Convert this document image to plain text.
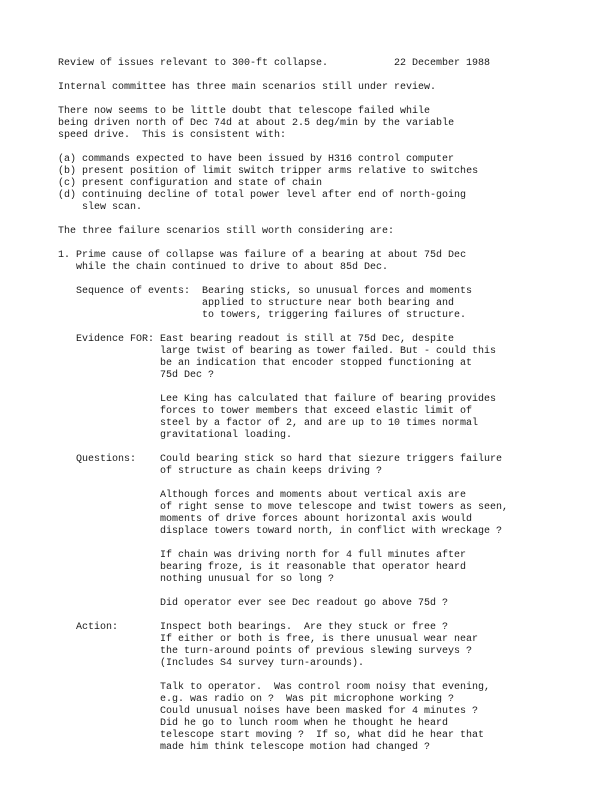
Review of issues relevant to 300-ft collapse.	22 December 1988
Internal committee has three main scenarios still under review.
There now seems to be little doubt that telescope failed while
being driven north of Dec 74d at about 2.5 deg/min by the variable
speed drive.  This is consistent with:
(a) commands expected to have been issued by H316 control computer
(b) present position of limit switch tripper arms relative to switches
(c) present configuration and state of chain
(d) continuing decline of total power level after end of north-going
slew scan.
The three failure scenarios still worth considering are:
1. Prime cause of collapse was failure of a bearing at about 75d Dec
while the chain continued to drive to about 85d Dec.
Sequence of events: Bearing sticks, so unusual forces and moments
applied to structure near both bearing and
to towers, triggering failures of structure.
Evidence FOR: East bearing readout is still at 75d Dec, despite
large twist of bearing as tower failed. But - could this
be an indication that encoder stopped functioning at
75d Dec ?
Lee King has calculated that failure of bearing provides
forces to tower members that exceed elastic limit of
steel by a factor of 2, and are up to 10 times normal
gravitational loading.
Questions: Could bearing stick so hard that siezure triggers failure
of structure as chain keeps driving ?
Although forces and moments about vertical axis are
of right sense to move telescope and twist towers as seen,
moments of drive forces abount horizontal axis would
displace towers toward north, in conflict with wreckage ?
If chain was driving north for 4 full minutes after
bearing froze, is it reasonable that operator heard
nothing unusual for so long ?
Did operator ever see Dec readout go above 75d ?
Action:	Inspect both bearings.  Are they stuck or free ?
If either or both is free, is there unusual wear near
the turn-around points of previous slewing surveys ?
(Includes S4 survey turn-arounds).
Talk to operator.  Was control room noisy that evening,
e.g. was radio on ?  Was pit microphone working ?
Could unusual noises have been masked for 4 minutes ?
Did he go to lunch room when he thought he heard
telescope start moving ?  If so, what did he hear that
made him think telescope motion had changed ?
